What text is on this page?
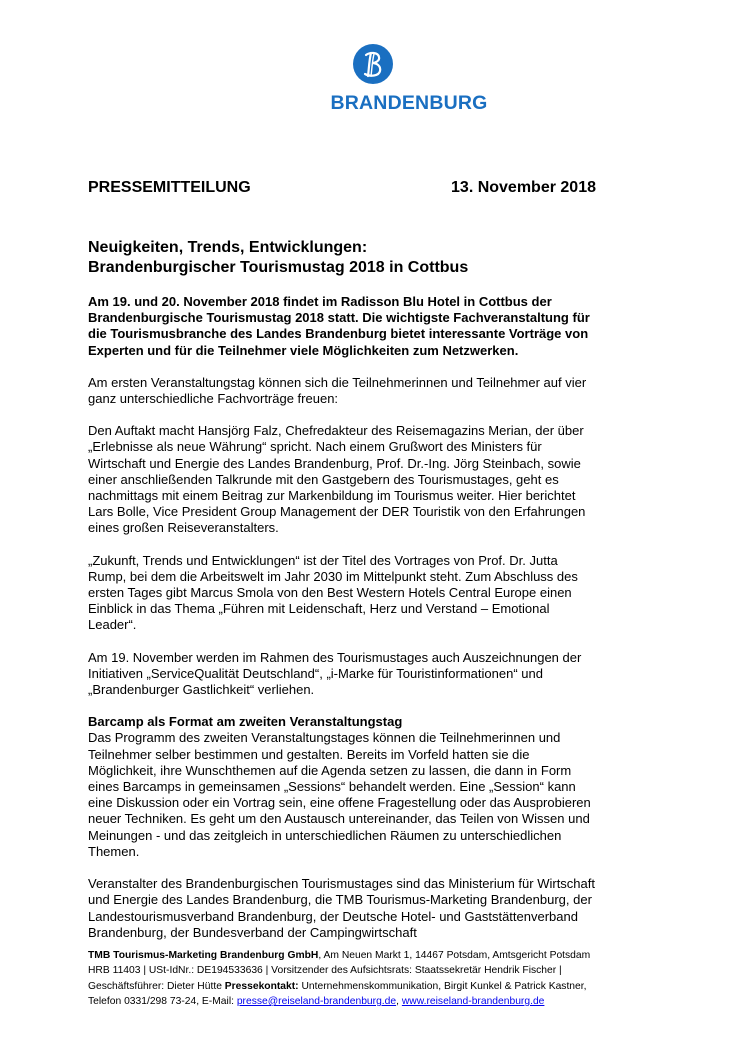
BRANDENBURG
PRESSEMITTEILUNG	13. November 2018
Neuigkeiten, Trends, Entwicklungen:
Brandenburgischer Tourismustag 2018 in Cottbus

Am 19. und 20. November 2018 findet im Radisson Blu Hotel in Cottbus der Brandenburgische Tourismustag 2018 statt. Die wichtigste Fachveranstaltung für die Tourismusbranche des Landes Brandenburg bietet interessante Vorträge von Experten und für die Teilnehmer viele Möglichkeiten zum Netzwerken.

Am ersten Veranstaltungstag können sich die Teilnehmerinnen und Teilnehmer auf vier ganz unterschiedliche Fachvorträge freuen:

Den Auftakt macht Hansjörg Falz, Chefredakteur des Reisemagazins Merian, der über „Erlebnisse als neue Währung“ spricht. Nach einem Grußwort des Ministers für Wirtschaft und Energie des Landes Brandenburg, Prof. Dr.-Ing. Jörg Steinbach, sowie einer anschließenden Talkrunde mit den Gastgebern des Tourismustages, geht es nachmittags mit einem Beitrag zur Markenbildung im Tourismus weiter. Hier berichtet Lars Bolle, Vice President Group Management der DER Touristik von den Erfahrungen eines großen Reiseveranstalters.

„Zukunft, Trends und Entwicklungen“ ist der Titel des Vortrages von Prof. Dr. Jutta Rump, bei dem die Arbeitswelt im Jahr 2030 im Mittelpunkt steht. Zum Abschluss des ersten Tages gibt Marcus Smola von den Best Western Hotels Central Europe einen Einblick in das Thema „Führen mit Leidenschaft, Herz und Verstand – Emotional Leader“.

Am 19. November werden im Rahmen des Tourismustages auch Auszeichnungen der Initiativen „ServiceQualität Deutschland“, „i-Marke für Touristinformationen“ und „Brandenburger Gastlichkeit“ verliehen.

Barcamp als Format am zweiten Veranstaltungstag

Das Programm des zweiten Veranstaltungstages können die Teilnehmerinnen und Teilnehmer selber bestimmen und gestalten. Bereits im Vorfeld hatten sie die Möglichkeit, ihre Wunschthemen auf die Agenda setzen zu lassen, die dann in Form eines Barcamps in gemeinsamen „Sessions“ behandelt werden. Eine „Session“ kann eine Diskussion oder ein Vortrag sein, eine offene Fragestellung oder das Ausprobieren neuer Techniken. Es geht um den Austausch untereinander, das Teilen von Wissen und Meinungen - und das zeitgleich in unterschiedlichen Räumen zu unterschiedlichen Themen.

Veranstalter des Brandenburgischen Tourismustages sind das Ministerium für Wirtschaft und Energie des Landes Brandenburg, die TMB Tourismus-Marketing Brandenburg, der Landestourismusverband Brandenburg, der Deutsche Hotel- und Gaststättenverband Brandenburg, der Bundesverband der Campingwirtschaft

TMB Tourismus-Marketing Brandenburg GmbH, Am Neuen Markt 1, 14467 Potsdam, Amtsgericht Potsdam HRB 11403 | USt-IdNr.: DE194533636 | Vorsitzender des Aufsichtsrats: Staatssekretär Hendrik Fischer | Geschäftsführer: Dieter Hütte Pressekontakt: Unternehmenskommunikation, Birgit Kunkel & Patrick Kastner, Telefon 0331/298 73-24, E-Mail: presse@reiseland-brandenburg.de, www.reiseland-brandenburg.de
